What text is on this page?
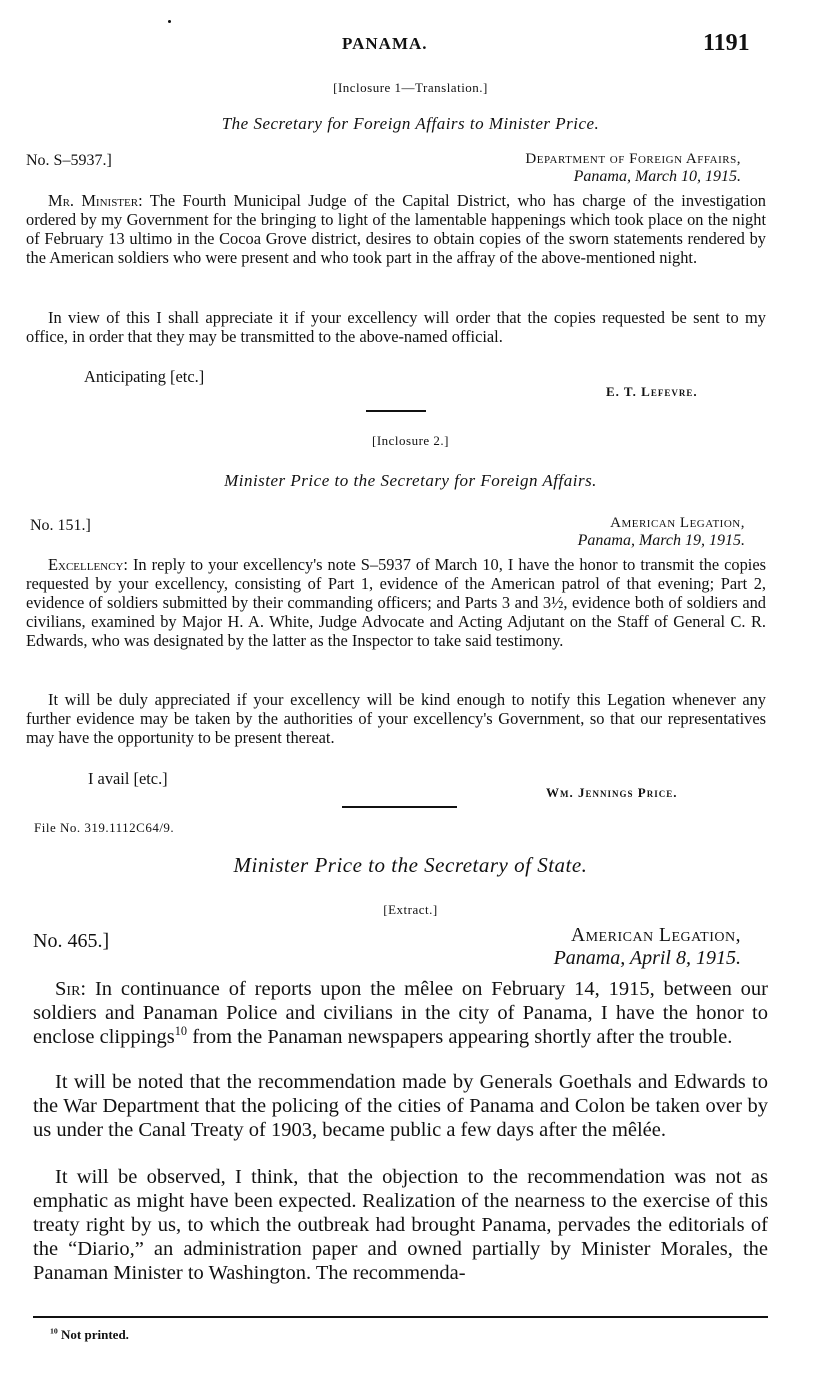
PANAMA.	1191
[Inclosure 1—Translation.]
The Secretary for Foreign Affairs to Minister Price.
No. S–5937.]	Department of Foreign Affairs,
Panama, March 10, 1915.

Mr. Minister: The Fourth Municipal Judge of the Capital District, who has charge of the investigation ordered by my Government for the bringing to light of the lamentable happenings which took place on the night of February 13 ultimo in the Cocoa Grove district, desires to obtain copies of the sworn statements rendered by the American soldiers who were present and who took part in the affray of the above-mentioned night.

In view of this I shall appreciate it if your excellency will order that the copies requested be sent to my office, in order that they may be transmitted to the above-named official.

Anticipating [etc.]
E. T. Lefevre.
[Inclosure 2.]
Minister Price to the Secretary for Foreign Affairs.
No. 151.]	American Legation,
Panama, March 19, 1915.

Excellency: In reply to your excellency's note S–5937 of March 10, I have the honor to transmit the copies requested by your excellency, consisting of Part 1, evidence of the American patrol of that evening; Part 2, evidence of soldiers submitted by their commanding officers; and Parts 3 and 3½, evidence both of soldiers and civilians, examined by Major H. A. White, Judge Advocate and Acting Adjutant on the Staff of General C. R. Edwards, who was designated by the latter as the Inspector to take said testimony.

It will be duly appreciated if your excellency will be kind enough to notify this Legation whenever any further evidence may be taken by the authorities of your excellency's Government, so that our representatives may have the opportunity to be present thereat.

I avail [etc.]
Wm. Jennings Price.
File No. 319.1112C64/9.
Minister Price to the Secretary of State.
[Extract.]
No. 465.]	American Legation,
Panama, April 8, 1915.

Sir: In continuance of reports upon the mêlee on February 14, 1915, between our soldiers and Panaman Police and civilians in the city of Panama, I have the honor to enclose clippings$^{10}$ from the Panaman newspapers appearing shortly after the trouble.

It will be noted that the recommendation made by Generals Goethals and Edwards to the War Department that the policing of the cities of Panama and Colon be taken over by us under the Canal Treaty of 1903, became public a few days after the mêlée.

It will be observed, I think, that the objection to the recommendation was not as emphatic as might have been expected. Realization of the nearness to the exercise of this treaty right by us, to which the outbreak had brought Panama, pervades the editorials of the “Diario,” an administration paper and owned partially by Minister Morales, the Panaman Minister to Washington. The recommenda-

$^{10}$ Not printed.
